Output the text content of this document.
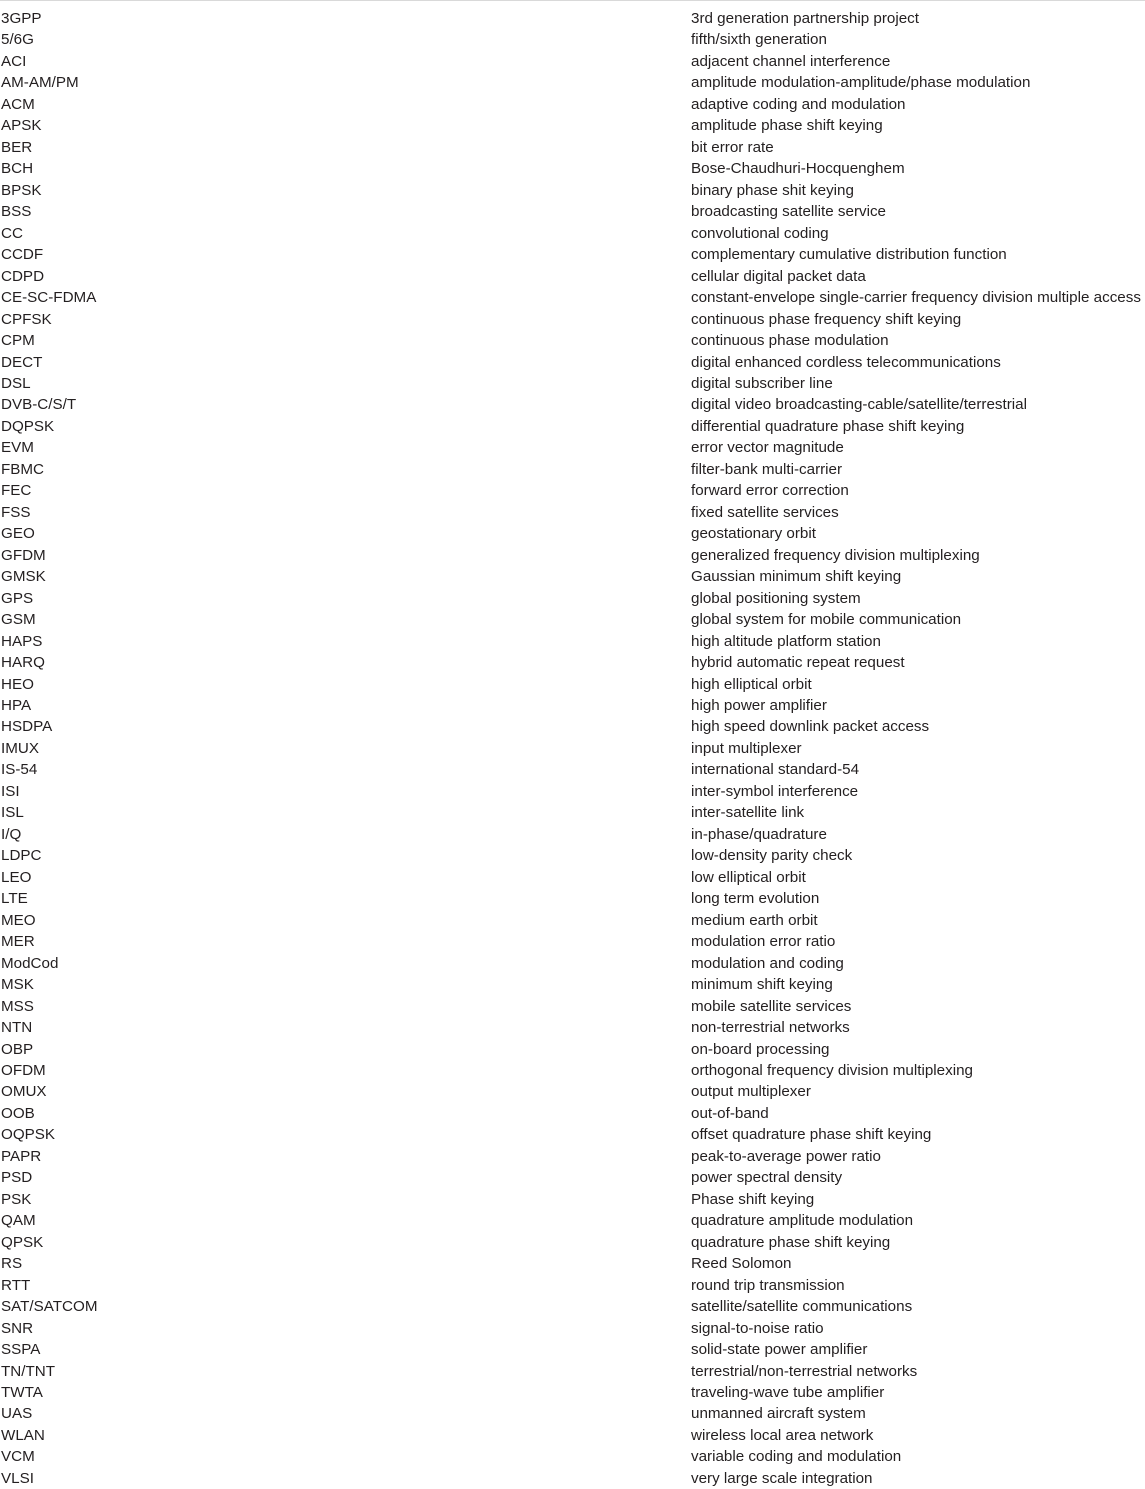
3GPP	3rd generation partnership project
5/6G	fifth/sixth generation
ACI	adjacent channel interference
AM-AM/PM	amplitude modulation-amplitude/phase modulation
ACM	adaptive coding and modulation
APSK	amplitude phase shift keying
BER	bit error rate
BCH	Bose-Chaudhuri-Hocquenghem
BPSK	binary phase shit keying
BSS	broadcasting satellite service
CC	convolutional coding
CCDF	complementary cumulative distribution function
CDPD	cellular digital packet data
CE-SC-FDMA	constant-envelope single-carrier frequency division multiple access
CPFSK	continuous phase frequency shift keying
CPM	continuous phase modulation
DECT	digital enhanced cordless telecommunications
DSL	digital subscriber line
DVB-C/S/T	digital video broadcasting-cable/satellite/terrestrial
DQPSK	differential quadrature phase shift keying
EVM	error vector magnitude
FBMC	filter-bank multi-carrier
FEC	forward error correction
FSS	fixed satellite services
GEO	geostationary orbit
GFDM	generalized frequency division multiplexing
GMSK	Gaussian minimum shift keying
GPS	global positioning system
GSM	global system for mobile communication
HAPS	high altitude platform station
HARQ	hybrid automatic repeat request
HEO	high elliptical orbit
HPA	high power amplifier
HSDPA	high speed downlink packet access
IMUX	input multiplexer
IS-54	international standard-54
ISI	inter-symbol interference
ISL	inter-satellite link
I/Q	in-phase/quadrature
LDPC	low-density parity check
LEO	low elliptical orbit
LTE	long term evolution
MEO	medium earth orbit
MER	modulation error ratio
ModCod	modulation and coding
MSK	minimum shift keying
MSS	mobile satellite services
NTN	non-terrestrial networks
OBP	on-board processing
OFDM	orthogonal frequency division multiplexing
OMUX	output multiplexer
OOB	out-of-band
OQPSK	offset quadrature phase shift keying
PAPR	peak-to-average power ratio
PSD	power spectral density
PSK	Phase shift keying
QAM	quadrature amplitude modulation
QPSK	quadrature phase shift keying
RS	Reed Solomon
RTT	round trip transmission
SAT/SATCOM	satellite/satellite communications
SNR	signal-to-noise ratio
SSPA	solid-state power amplifier
TN/TNT	terrestrial/non-terrestrial networks
TWTA	traveling-wave tube amplifier
UAS	unmanned aircraft system
WLAN	wireless local area network
VCM	variable coding and modulation
VLSI	very large scale integration
